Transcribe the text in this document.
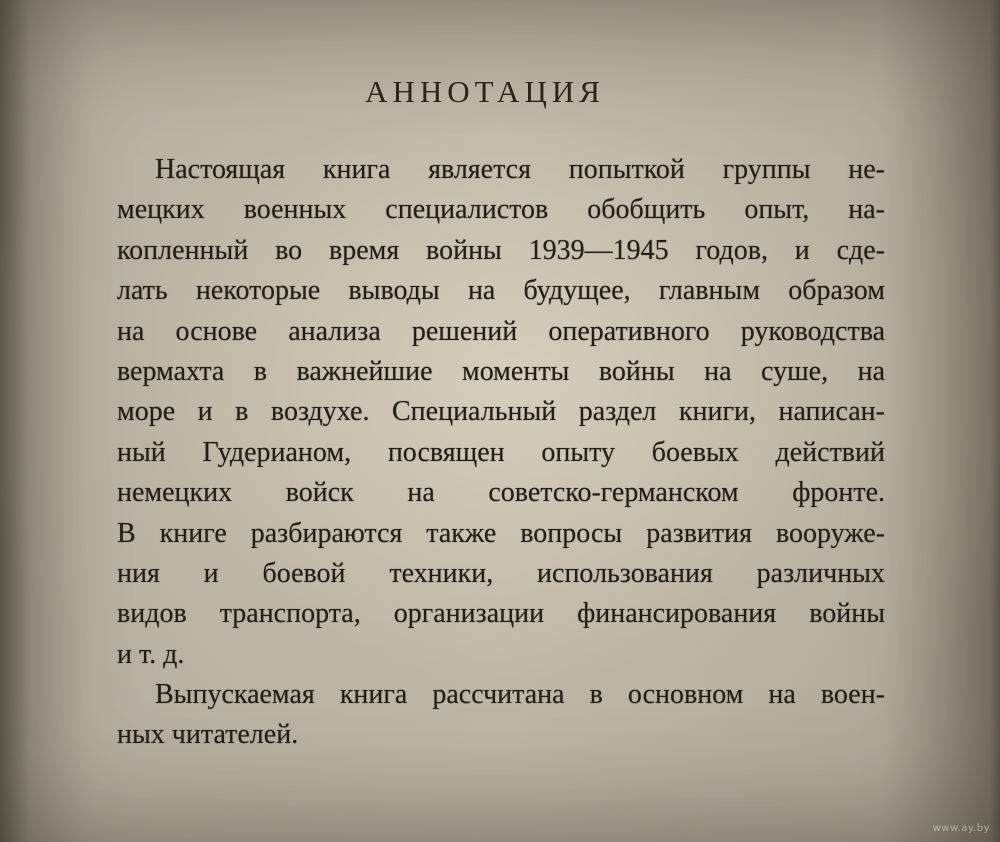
АННОТАЦИЯ
Настоящая книга является попыткой группы не-
мецких военных специалистов обобщить опыт, на-
копленный во время войны 1939—1945 годов, и сде-
лать некоторые выводы на будущее, главным образом
на основе анализа решений оперативного руководства
вермахта в важнейшие моменты войны на суше, на
море и в воздухе. Специальный раздел книги, написан-
ный Гудерианом, посвящен опыту боевых действий
немецких войск на советско-германском фронте.
В книге разбираются также вопросы развития вооруже-
ния и боевой техники, использования различных
видов транспорта, организации финансирования войны
и т. д.
Выпускаемая книга рассчитана в основном на воен-
ных читателей.
www.ay.by
